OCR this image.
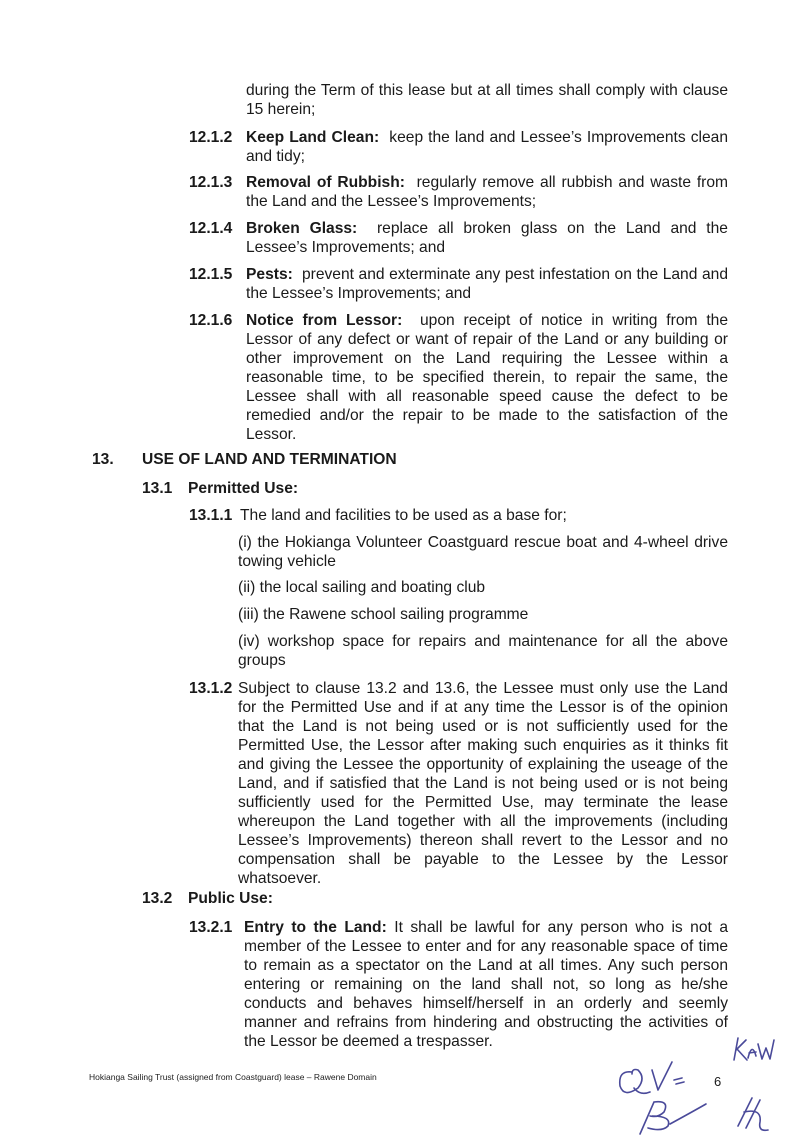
during the Term of this lease but at all times shall comply with clause 15 herein;
12.1.2 Keep Land Clean: keep the land and Lessee’s Improvements clean and tidy;
12.1.3 Removal of Rubbish: regularly remove all rubbish and waste from the Land and the Lessee’s Improvements;
12.1.4 Broken Glass: replace all broken glass on the Land and the Lessee’s Improvements; and
12.1.5 Pests: prevent and exterminate any pest infestation on the Land and the Lessee’s Improvements; and
12.1.6 Notice from Lessor: upon receipt of notice in writing from the Lessor of any defect or want of repair of the Land or any building or other improvement on the Land requiring the Lessee within a reasonable time, to be specified therein, to repair the same, the Lessee shall with all reasonable speed cause the defect to be remedied and/or the repair to be made to the satisfaction of the Lessor.
13. USE OF LAND AND TERMINATION
13.1 Permitted Use:
13.1.1 The land and facilities to be used as a base for;
(i) the Hokianga Volunteer Coastguard rescue boat and 4-wheel drive towing vehicle
(ii) the local sailing and boating club
(iii) the Rawene school sailing programme
(iv) workshop space for repairs and maintenance for all the above groups
13.1.2 Subject to clause 13.2 and 13.6, the Lessee must only use the Land for the Permitted Use and if at any time the Lessor is of the opinion that the Land is not being used or is not sufficiently used for the Permitted Use, the Lessor after making such enquiries as it thinks fit and giving the Lessee the opportunity of explaining the useage of the Land, and if satisfied that the Land is not being used or is not being sufficiently used for the Permitted Use, may terminate the lease whereupon the Land together with all the improvements (including Lessee’s Improvements) thereon shall revert to the Lessor and no compensation shall be payable to the Lessee by the Lessor whatsoever.
13.2 Public Use:
13.2.1 Entry to the Land: It shall be lawful for any person who is not a member of the Lessee to enter and for any reasonable space of time to remain as a spectator on the Land at all times. Any such person entering or remaining on the land shall not, so long as he/she conducts and behaves himself/herself in an orderly and seemly manner and refrains from hindering and obstructing the activities of the Lessor be deemed a trespasser.
Hokianga Sailing Trust (assigned from Coastguard) lease – Rawene Domain	6
